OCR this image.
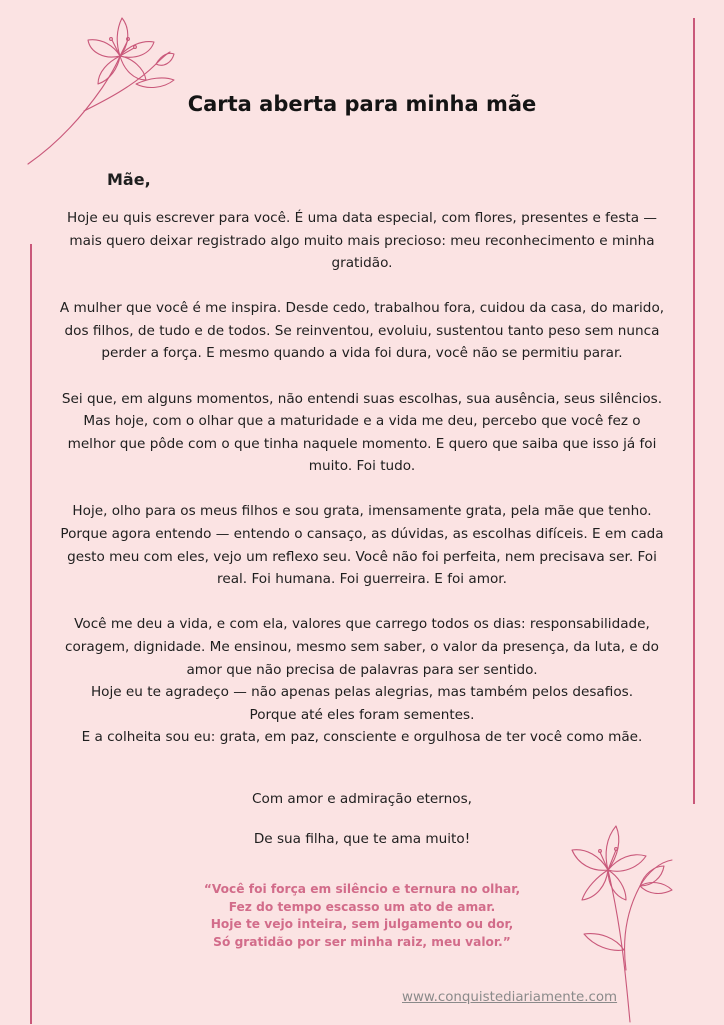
Carta aberta para minha mãe

Mãe,

Hoje eu quis escrever para você. É uma data especial, com flores, presentes e festa — mais quero deixar registrado algo muito mais precioso: meu reconhecimento e minha gratidão.

A mulher que você é me inspira. Desde cedo, trabalhou fora, cuidou da casa, do marido, dos filhos, de tudo e de todos. Se reinventou, evoluiu, sustentou tanto peso sem nunca perder a força. E mesmo quando a vida foi dura, você não se permitiu parar.

Sei que, em alguns momentos, não entendi suas escolhas, sua ausência, seus silêncios. Mas hoje, com o olhar que a maturidade e a vida me deu, percebo que você fez o melhor que pôde com o que tinha naquele momento. E quero que saiba que isso já foi muito. Foi tudo.

Hoje, olho para os meus filhos e sou grata, imensamente grata, pela mãe que tenho. Porque agora entendo — entendo o cansaço, as dúvidas, as escolhas difíceis. E em cada gesto meu com eles, vejo um reflexo seu. Você não foi perfeita, nem precisava ser. Foi real. Foi humana. Foi guerreira. E foi amor.

Você me deu a vida, e com ela, valores que carrego todos os dias: responsabilidade, coragem, dignidade. Me ensinou, mesmo sem saber, o valor da presença, da luta, e do amor que não precisa de palavras para ser sentido.

Hoje eu te agradeço — não apenas pelas alegrias, mas também pelos desafios.

Porque até eles foram sementes.

E a colheita sou eu: grata, em paz, consciente e orgulhosa de ter você como mãe.

Com amor e admiração eternos,

De sua filha, que te ama muito!

“Você foi força em silêncio e ternura no olhar,
Fez do tempo escasso um ato de amar.
Hoje te vejo inteira, sem julgamento ou dor,
Só gratidão por ser minha raiz, meu valor.”

www.conquistediariamente.com
